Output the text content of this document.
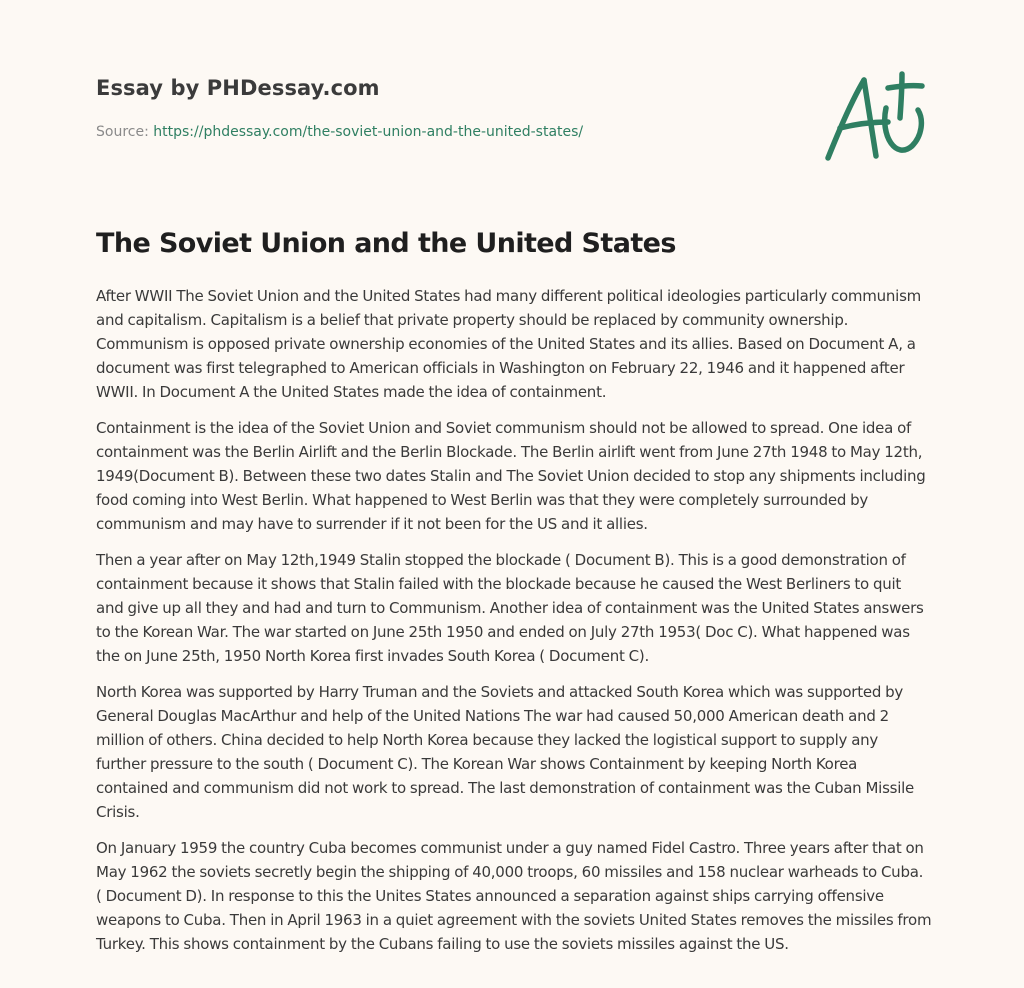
Essay by PHDessay.com
Source: https://phdessay.com/the-soviet-union-and-the-united-states/
The Soviet Union and the United States

After WWII The Soviet Union and the United States had many different political ideologies particularly communism and capitalism. Capitalism is a belief that private property should be replaced by community ownership. Communism is opposed private ownership economies of the United States and its allies. Based on Document A, a document was first telegraphed to American officials in Washington on February 22, 1946 and it happened after WWII. In Document A the United States made the idea of containment.

Containment is the idea of the Soviet Union and Soviet communism should not be allowed to spread. One idea of containment was the Berlin Airlift and the Berlin Blockade. The Berlin airlift went from June 27th 1948 to May 12th, 1949(Document B). Between these two dates Stalin and The Soviet Union decided to stop any shipments including food coming into West Berlin. What happened to West Berlin was that they were completely surrounded by communism and may have to surrender if it not been for the US and it allies.

Then a year after on May 12th,1949 Stalin stopped the blockade ( Document B). This is a good demonstration of containment because it shows that Stalin failed with the blockade because he caused the West Berliners to quit and give up all they and had and turn to Communism. Another idea of containment was the United States answers to the Korean War. The war started on June 25th 1950 and ended on July 27th 1953( Doc C). What happened was the on June 25th, 1950 North Korea first invades South Korea ( Document C).

North Korea was supported by Harry Truman and the Soviets and attacked South Korea which was supported by General Douglas MacArthur and help of the United Nations The war had caused 50,000 American death and 2 million of others. China decided to help North Korea because they lacked the logistical support to supply any further pressure to the south ( Document C). The Korean War shows Containment by keeping North Korea contained and communism did not work to spread. The last demonstration of containment was the Cuban Missile Crisis.

On January 1959 the country Cuba becomes communist under a guy named Fidel Castro. Three years after that on May 1962 the soviets secretly begin the shipping of 40,000 troops, 60 missiles and 158 nuclear warheads to Cuba. ( Document D). In response to this the Unites States announced a separation against ships carrying offensive weapons to Cuba. Then in April 1963 in a quiet agreement with the soviets United States removes the missiles from Turkey. This shows containment by the Cubans failing to use the soviets missiles against the US.
